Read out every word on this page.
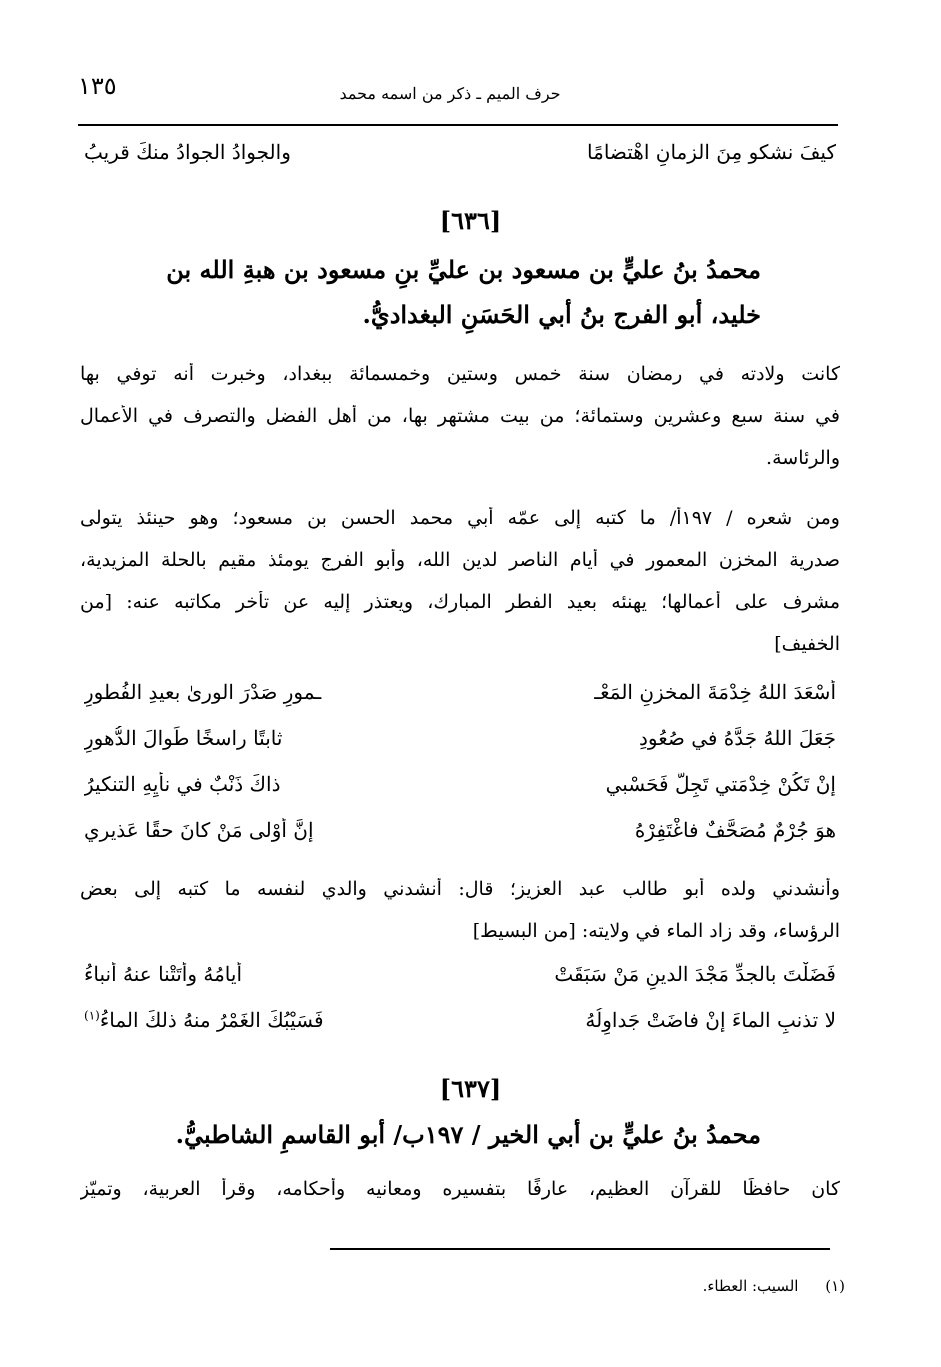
١٣٥	حرف الميم ـ ذكر من اسمه محمد
كيفَ نشكو مِنَ الزمانِ اهْتضامًا
والجوادُ الجوادُ منكَ قريبُ
[٦٣٦]
محمدُ بنُ عليٍّ بن مسعود بن عليِّ بنِ مسعود بن هبةِ الله بن
خليد، أبو الفرج بنُ أبي الحَسَنِ البغداديُّ.
كانت ولادته في رمضان سنة خمس وستين وخمسمائة ببغداد، وخبرت أنه توفي بها
في سنة سبع وعشرين وستمائة؛ من بيت مشتهر بها، من أهل الفضل والتصرف في الأعمال
والرئاسة.
ومن شعره / ١٩٧أ/ ما كتبه إلى عمّه أبي محمد الحسن بن مسعود؛ وهو حينئذ يتولى
صدرية المخزن المعمور في أيام الناصر لدين الله، وأبو الفرج يومئذ مقيم بالحلة المزيدية،
مشرف على أعمالها؛ يهنئه بعيد الفطر المبارك، ويعتذر إليه عن تأخر مكاتبه عنه: [من
الخفيف]
أسْعَدَ اللهُ خِدْمَةَ المخزنِ المَعْـ
ـمورِ صَدْرَ الورىٰ بعيدِ الفُطورِ
جَعَلَ اللهُ جَدَّهُ في صُعُودِ
ثابتًا راسخًا طَوالَ الدُّهورِ
إنْ تَكُنْ خِدْمَتي تَجِلُّ فَحَسْبي
ذاكَ ذَنْبٌ في نأيِهِ التنكيرُ
هوَ جُرْمٌ مُصَحَّفٌ فاغْتَفِرْهُ
إنَّ أوْلى مَنْ كانَ حقًا عَذيري
وأنشدني ولده أبو طالب عبد العزيز؛ قال: أنشدني والدي لنفسه ما كتبه إلى بعض
الرؤساء، وقد زاد الماء في ولايته: [من البسيط]
فَضَلْتَ بالجدِّ مَجْدَ الدينِ مَنْ سَبَقَتْ
أيامُهُ وأَتَتْنا عنهُ أنباءُ
لا تذنبِ الماءَ إنْ فاضَتْ جَداوِلُهُ
فَسَيْبُكَ الغَمْرُ منهُ ذلكَ الماءُ$^{(١)}$
[٦٣٧]
محمدُ بنُ عليٍّ بن أبي الخير / ١٩٧ب/ أبو القاسمِ الشاطبيُّ.
كان حافظًا للقرآن العظيم، عارفًا بتفسيره ومعانيه وأحكامه، وقرأ العربية، وتميّز
(١) السيب: العطاء.
